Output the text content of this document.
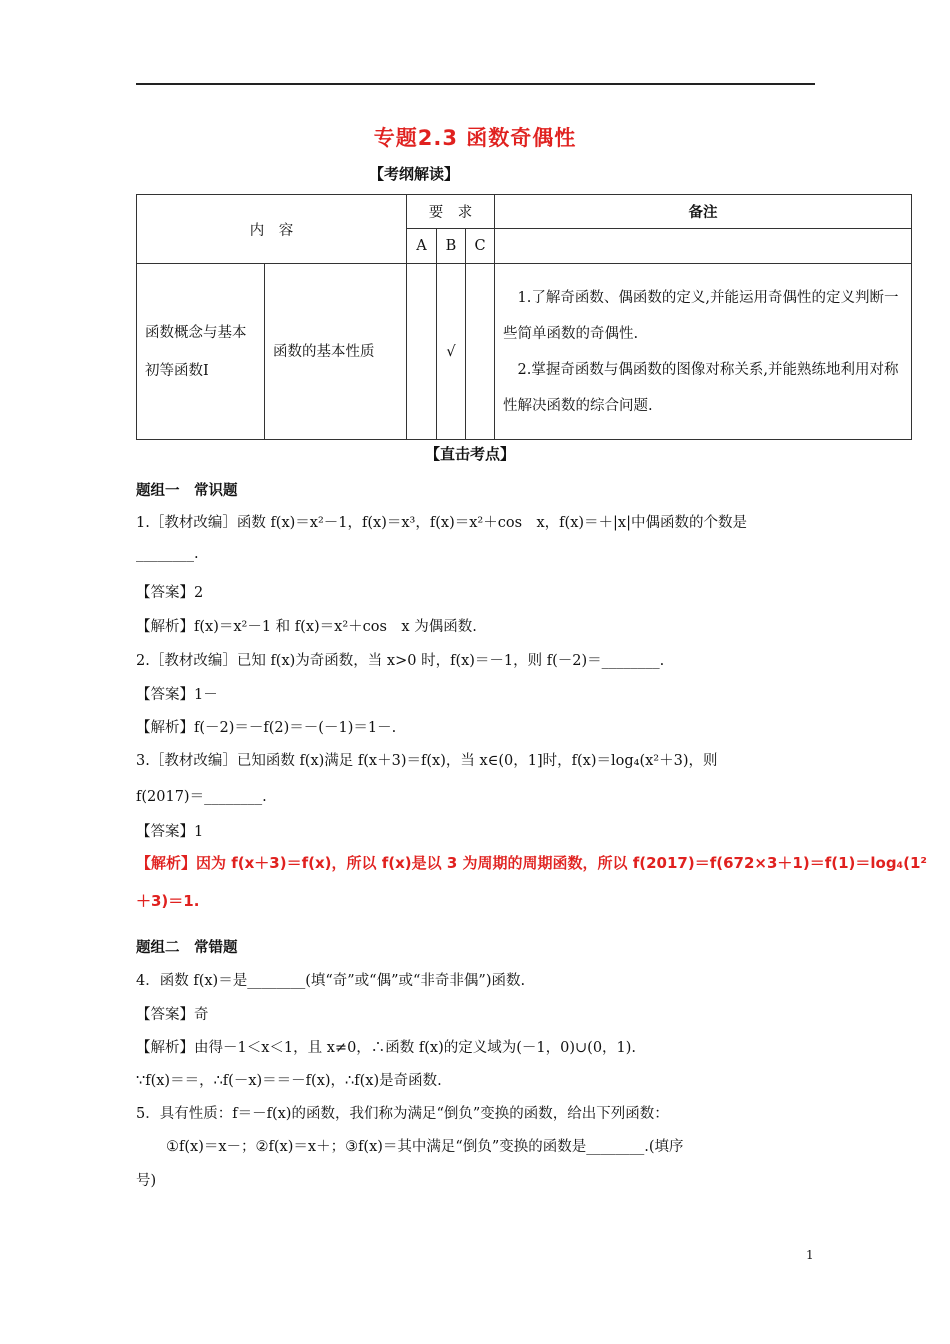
专题2.3 函数奇偶性
【考纲解读】
内　容		要　求			备注
		A	B	C	
函数概念与基本初等函数Ⅰ	函数的基本性质		√		1.了解奇函数、偶函数的定义,并能运用奇偶性的定义判断一些简单函数的奇偶性.

2.掌握奇函数与偶函数的图像对称关系,并能熟练地利用对称性解决函数的综合问题.

【直击考点】
题组一　常识题
1.［教材改编］函数 f(x)＝x²－1，f(x)＝x³，f(x)＝x²＋cos　x，f(x)＝＋|x|中偶函数的个数是
________.
【答案】2
【解析】f(x)＝x²－1 和 f(x)＝x²＋cos　x 为偶函数.
2.［教材改编］已知 f(x)为奇函数，当 x>0 时，f(x)＝－1，则 f(－2)＝________.
【答案】1－
【解析】f(－2)＝－f(2)＝－(－1)＝1－.
3.［教材改编］已知函数 f(x)满足 f(x＋3)＝f(x)，当 x∈(0，1]时，f(x)＝log₄(x²＋3)，则
f(2017)＝________.
【答案】1
【解析】因为 f(x＋3)＝f(x)，所以 f(x)是以 3 为周期的周期函数，所以 f(2017)＝f(672×3＋1)＝f(1)＝log₄(1²
＋3)＝1.
题组二　常错题
4．函数 f(x)＝是________(填“奇”或“偶”或“非奇非偶”)函数.
【答案】奇
【解析】由得－1＜x＜1，且 x≠0，∴函数 f(x)的定义域为(－1，0)∪(0，1).
∵f(x)＝＝，∴f(－x)＝＝－f(x)，∴f(x)是奇函数.
5．具有性质：f＝－f(x)的函数，我们称为满足“倒负”变换的函数，给出下列函数：
①f(x)＝x－；②f(x)＝x＋；③f(x)＝其中满足“倒负”变换的函数是________.(填序
号)
1
